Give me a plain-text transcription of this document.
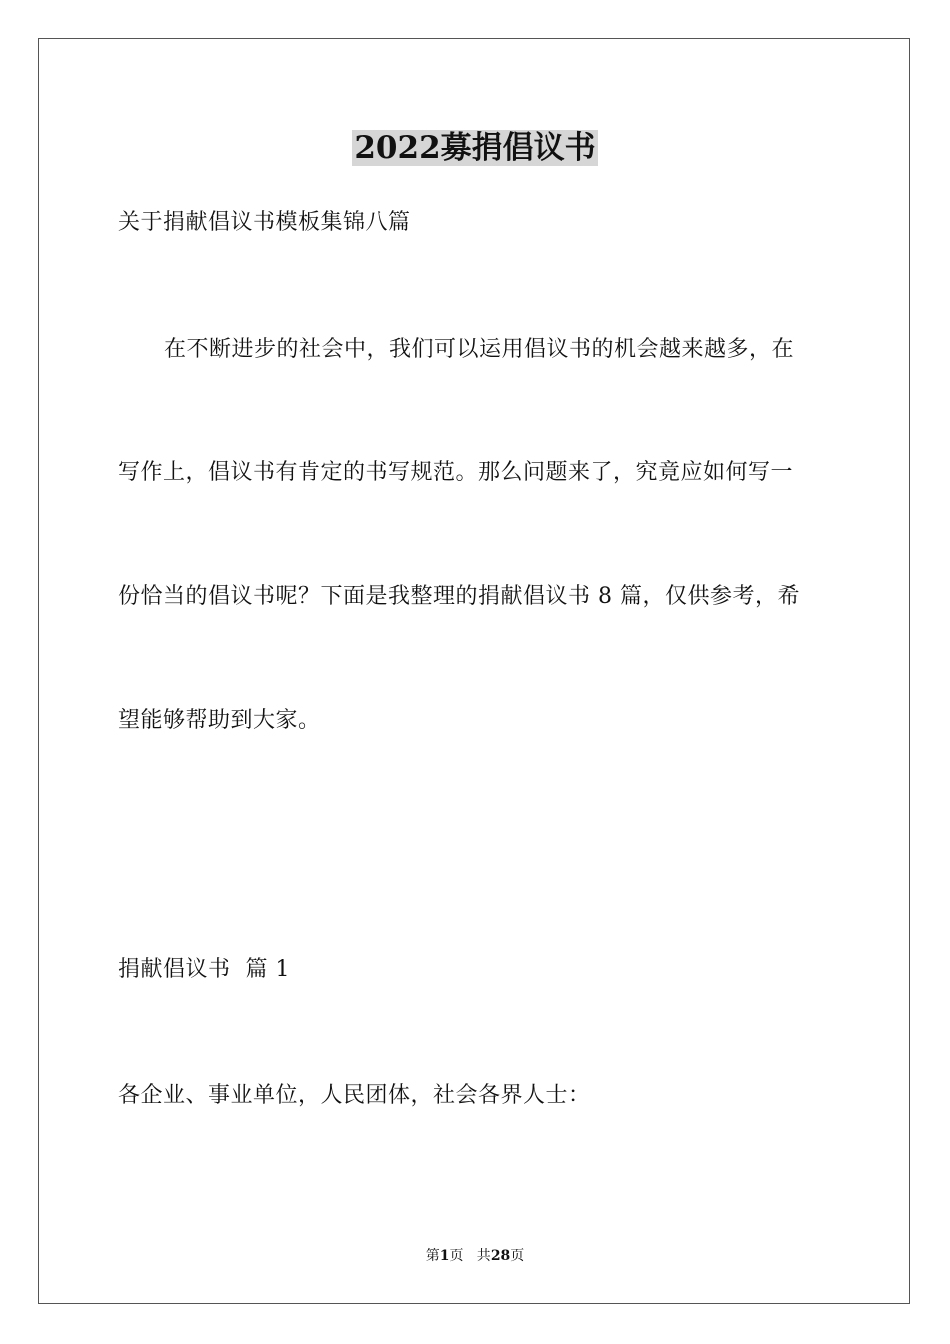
2022募捐倡议书
关于捐献倡议书模板集锦八篇
在不断进步的社会中，我们可以运用倡议书的机会越来越多，在
写作上，倡议书有肯定的书写规范。那么问题来了，究竟应如何写一
份恰当的倡议书呢？下面是我整理的捐献倡议书 8 篇，仅供参考，希
望能够帮助到大家。
捐献倡议书  篇 1
各企业、事业单位，人民团体，社会各界人士：
第1页   共28页
